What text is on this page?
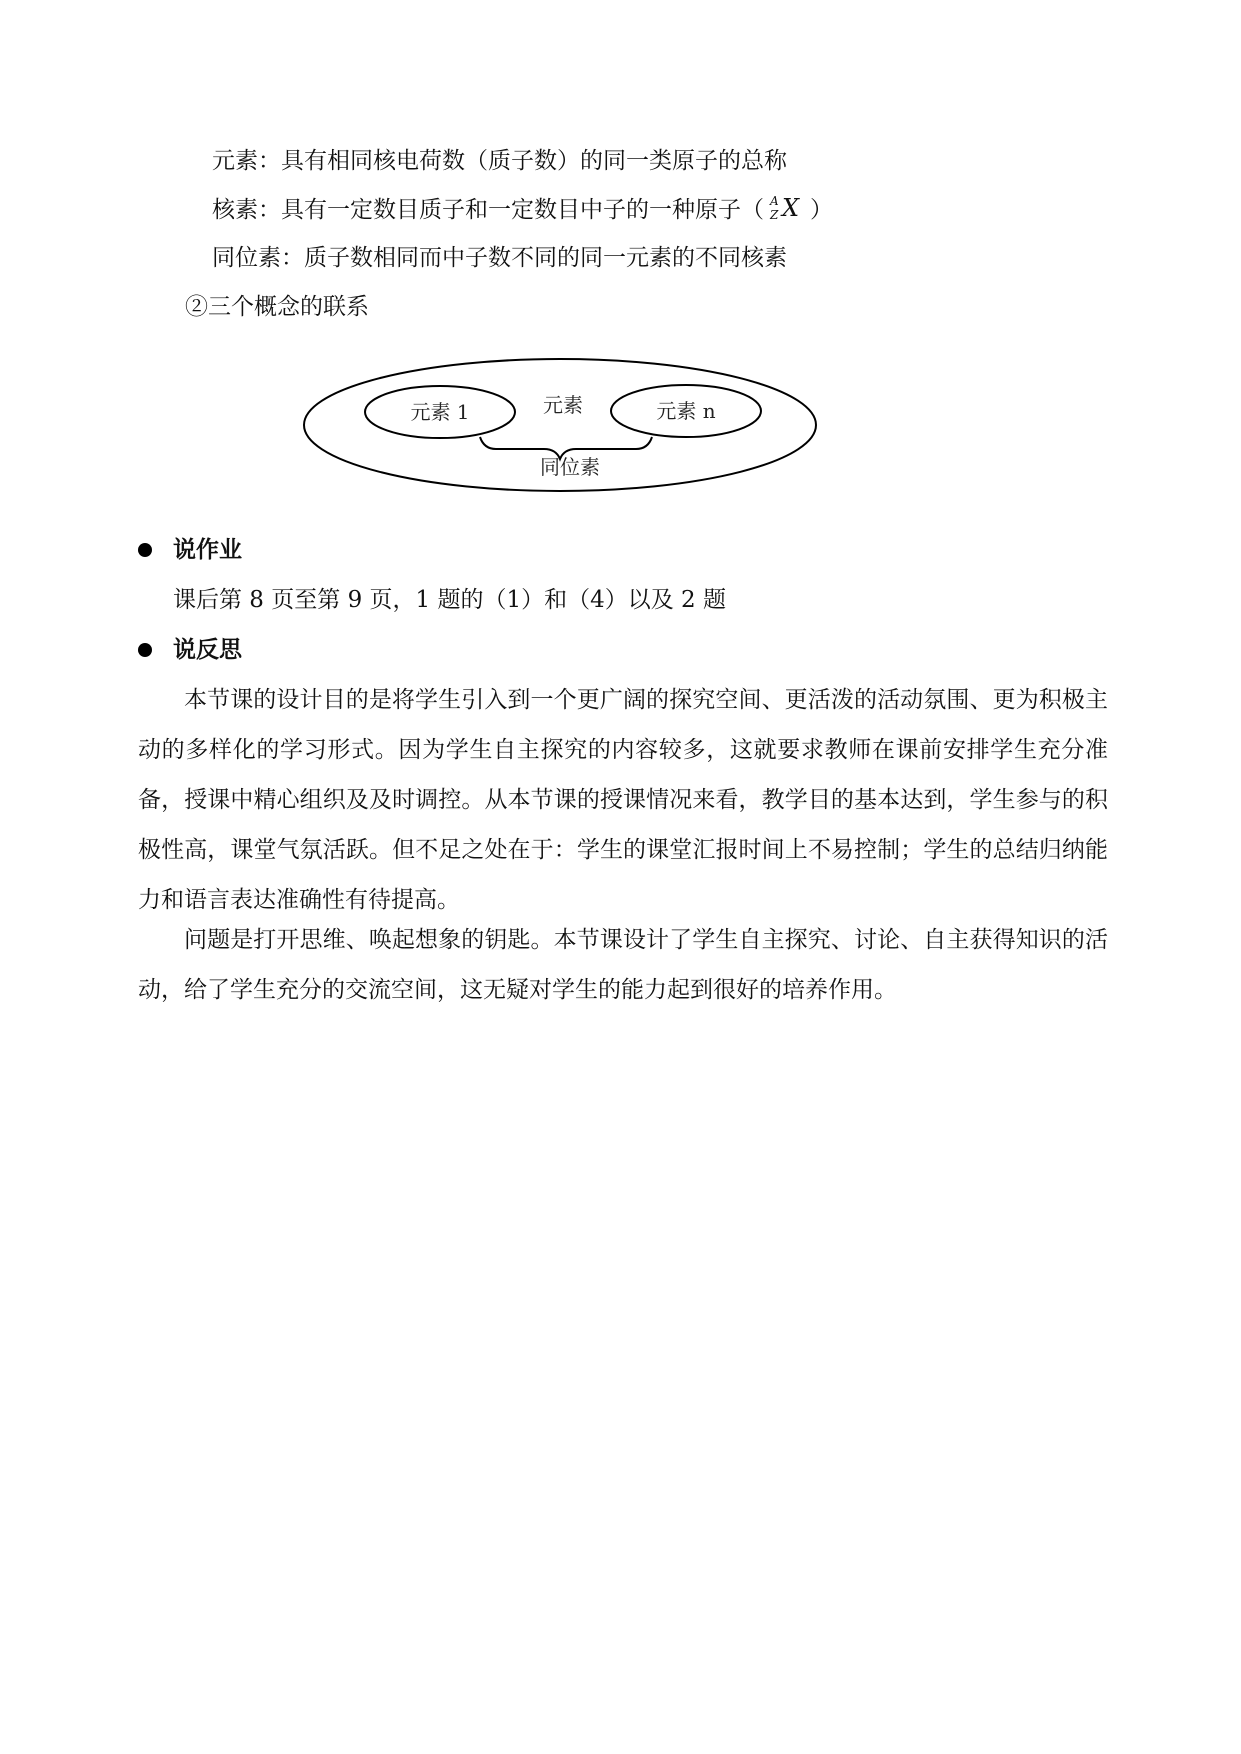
元素：具有相同核电荷数（质子数）的同一类原子的总称
核素：具有一定数目质子和一定数目中子的一种原子（ A
Z X ）
同位素：质子数相同而中子数不同的同一元素的不同核素
②三个概念的联系
元素
元素 1	元素 n
同位素
说作业
课后第 8 页至第 9 页，1 题的（1）和（4）以及 2 题
说反思
本节课的设计目的是将学生引入到一个更广阔的探究空间、更活泼的活动氛围、更为积极主动的多样化的学习形式。因为学生自主探究的内容较多，这就要求教师在课前安排学生充分准备，授课中精心组织及及时调控。从本节课的授课情况来看，教学目的基本达到，学生参与的积极性高，课堂气氛活跃。但不足之处在于：学生的课堂汇报时间上不易控制；学生的总结归纳能力和语言表达准确性有待提高。
问题是打开思维、唤起想象的钥匙。本节课设计了学生自主探究、讨论、自主获得知识的活动，给了学生充分的交流空间，这无疑对学生的能力起到很好的培养作用。
